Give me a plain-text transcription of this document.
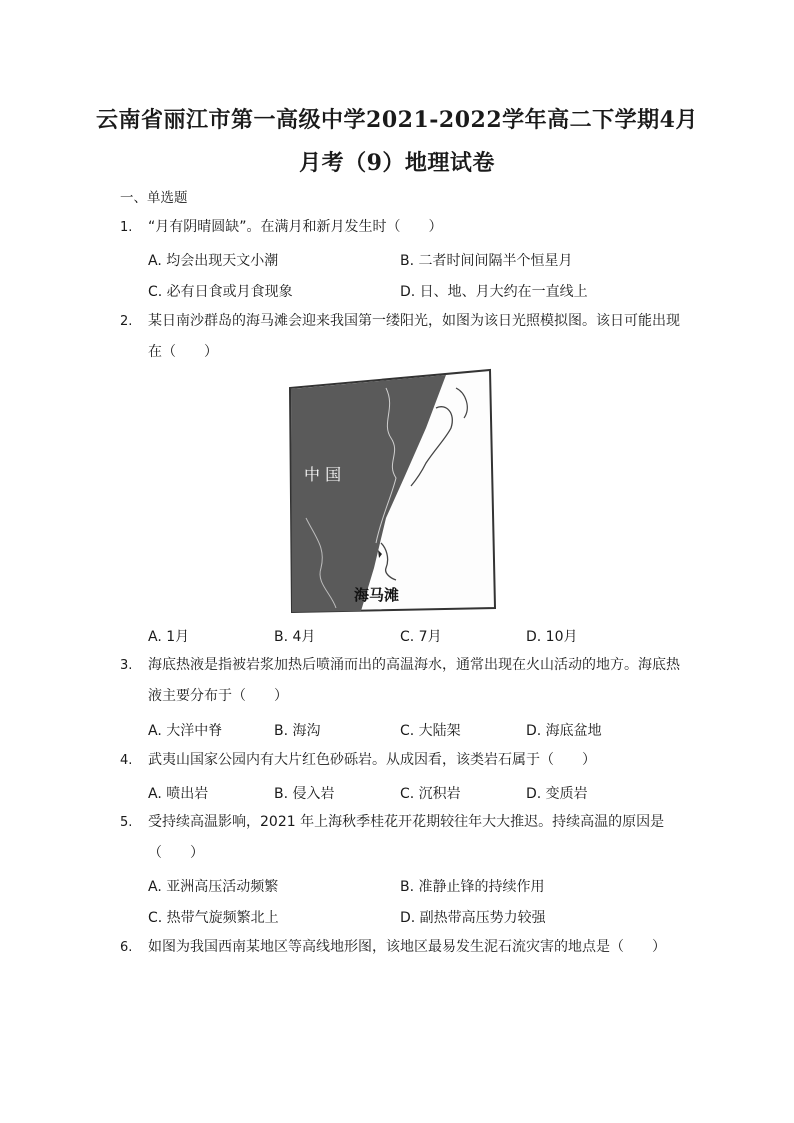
云南省丽江市第一高级中学2021-2022学年高二下学期4月
月考（9）地理试卷
一、单选题
1.	“月有阴晴圆缺”。在满月和新月发生时（　　）
A. 均会出现天文小潮	B. 二者时间间隔半个恒星月
C. 必有日食或月食现象	D. 日、地、月大约在一直线上
2.	某日南沙群岛的海马滩会迎来我国第一缕阳光，如图为该日光照模拟图。该日可能出现
在（　　）
中 国
海马滩
A. 1月	B. 4月	C. 7月	D. 10月
3.	海底热液是指被岩浆加热后喷涌而出的高温海水，通常出现在火山活动的地方。海底热
液主要分布于（　　）
A. 大洋中脊	B. 海沟	C. 大陆架	D. 海底盆地
4.	武夷山国家公园内有大片红色砂砾岩。从成因看，该类岩石属于（　　）
A. 喷出岩	B. 侵入岩	C. 沉积岩	D. 变质岩
5.	受持续高温影响，2021 年上海秋季桂花开花期较往年大大推迟。持续高温的原因是
（　　）
A. 亚洲高压活动频繁	B. 准静止锋的持续作用
C. 热带气旋频繁北上	D. 副热带高压势力较强
6.	如图为我国西南某地区等高线地形图，该地区最易发生泥石流灾害的地点是（　　）
